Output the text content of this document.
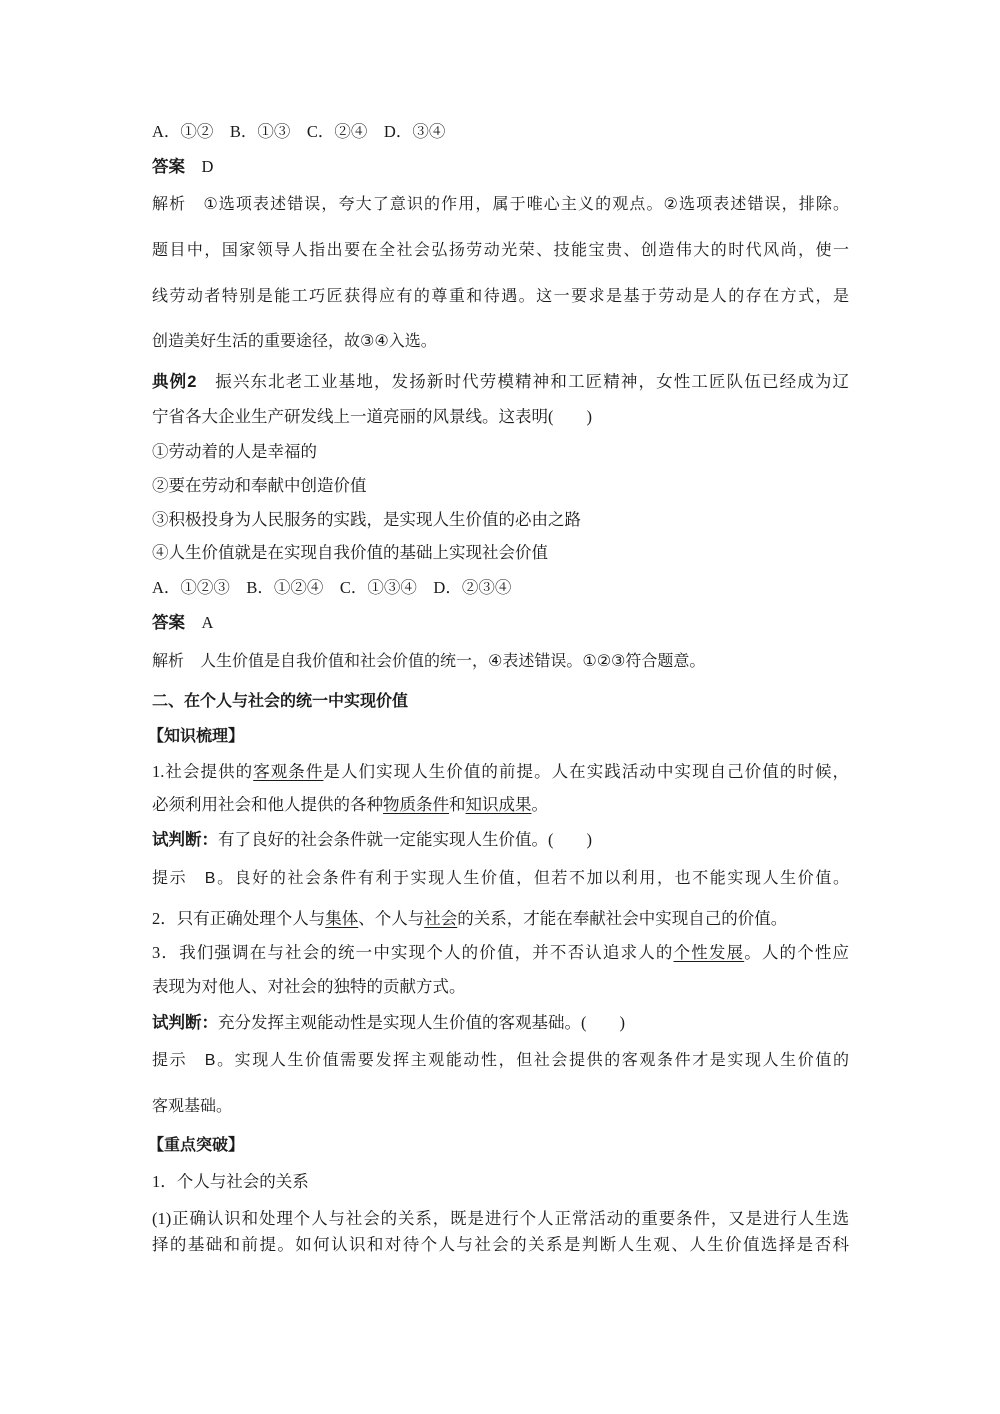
A．①②　B．①③　C．②④　D．③④
答案　D
解析　①选项表述错误，夸大了意识的作用，属于唯心主义的观点。②选项表述错误，排除。
题目中，国家领导人指出要在全社会弘扬劳动光荣、技能宝贵、创造伟大的时代风尚，使一
线劳动者特别是能工巧匠获得应有的尊重和待遇。这一要求是基于劳动是人的存在方式，是
创造美好生活的重要途径，故③④入选。
典例2　振兴东北老工业基地，发扬新时代劳模精神和工匠精神，女性工匠队伍已经成为辽
宁省各大企业生产研发线上一道亮丽的风景线。这表明(　　)
①劳动着的人是幸福的
②要在劳动和奉献中创造价值
③积极投身为人民服务的实践，是实现人生价值的必由之路
④人生价值就是在实现自我价值的基础上实现社会价值
A．①②③　B．①②④　C．①③④　D．②③④
答案　A
解析　人生价值是自我价值和社会价值的统一，④表述错误。①②③符合题意。
二、在个人与社会的统一中实现价值
【知识梳理】
1.社会提供的客观条件是人们实现人生价值的前提。人在实践活动中实现自己价值的时候，
必须利用社会和他人提供的各种物质条件和知识成果。
试判断：有了良好的社会条件就一定能实现人生价值。(　　)
提示　B。良好的社会条件有利于实现人生价值，但若不加以利用，也不能实现人生价值。
2．只有正确处理个人与集体、个人与社会的关系，才能在奉献社会中实现自己的价值。
3．我们强调在与社会的统一中实现个人的价值，并不否认追求人的个性发展。人的个性应
表现为对他人、对社会的独特的贡献方式。
试判断：充分发挥主观能动性是实现人生价值的客观基础。(　　)
提示　B。实现人生价值需要发挥主观能动性，但社会提供的客观条件才是实现人生价值的
客观基础。
【重点突破】
1．个人与社会的关系
(1)正确认识和处理个人与社会的关系，既是进行个人正常活动的重要条件，又是进行人生选
择的基础和前提。如何认识和对待个人与社会的关系是判断人生观、人生价值选择是否科
